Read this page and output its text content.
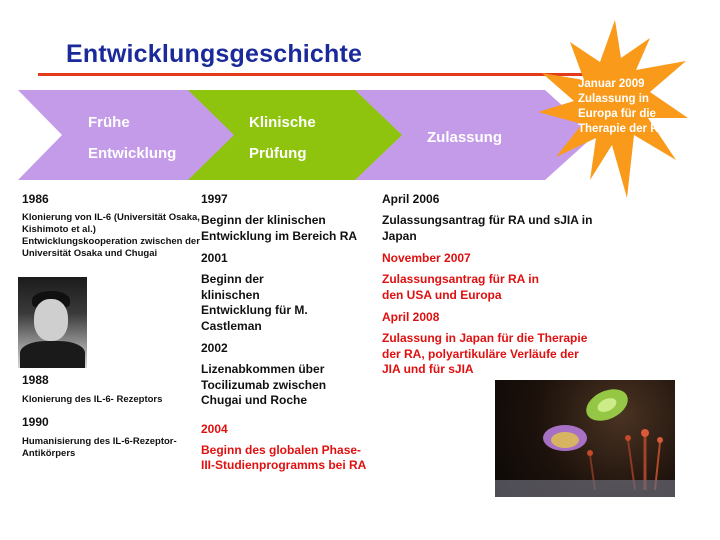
Entwicklungsgeschichte
Frühe
Entwicklung
Klinische
Prüfung
Zulassung
Januar 2009 Zulassung in Europa für die Therapie der RA

1986

Klonierung von IL-6 (Universität Osaka, Kishimoto et al.) Entwicklungskooperation zwischen der Universität Osaka und Chugai

1988

Klonierung des IL-6- Rezeptors

1990

Humanisierung des IL-6-Rezeptor-Antikörpers

1997

Beginn der klinischen Entwicklung im Bereich RA

2001

Beginn der klinischen Entwicklung für M. Castleman

2002

Lizenabkommen über Tocilizumab zwischen Chugai und Roche

2004

Beginn des globalen Phase-III-Studienprogramms bei RA

April 2006

Zulassungsantrag für RA und sJIA in Japan

November 2007

Zulassungsantrag für RA in den USA und Europa

April 2008

Zulassung in Japan für die Therapie der RA, polyartikuläre Verläufe der JIA und für sJIA
